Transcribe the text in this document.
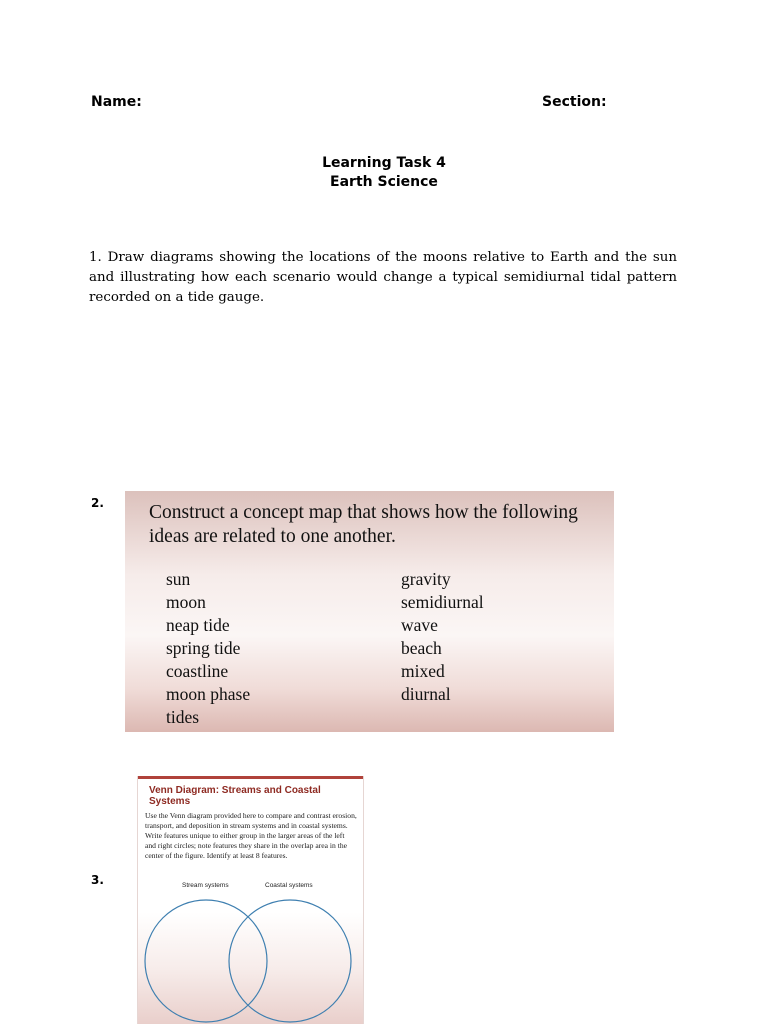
Name:	Section:
Learning Task 4
Earth Science
1. Draw diagrams showing the locations of the moons relative to Earth and the sun and illustrating how each scenario would change a typical semidiurnal tidal pattern recorded on a tide gauge.
2. Construct a concept map that shows how the following ideas are related to one another.
sun
moon
neap tide
spring tide
coastline
moon phase
tides
gravity
semidiurnal
wave
beach
mixed
diurnal
3.
Venn Diagram: Streams and Coastal Systems
Use the Venn diagram provided here to compare and contrast erosion, transport, and deposition in stream systems and in coastal systems. Write features unique to either group in the larger areas of the left and right circles; note features they share in the overlap area in the center of the figure. Identify at least 8 features.
Stream systems	Coastal systems
